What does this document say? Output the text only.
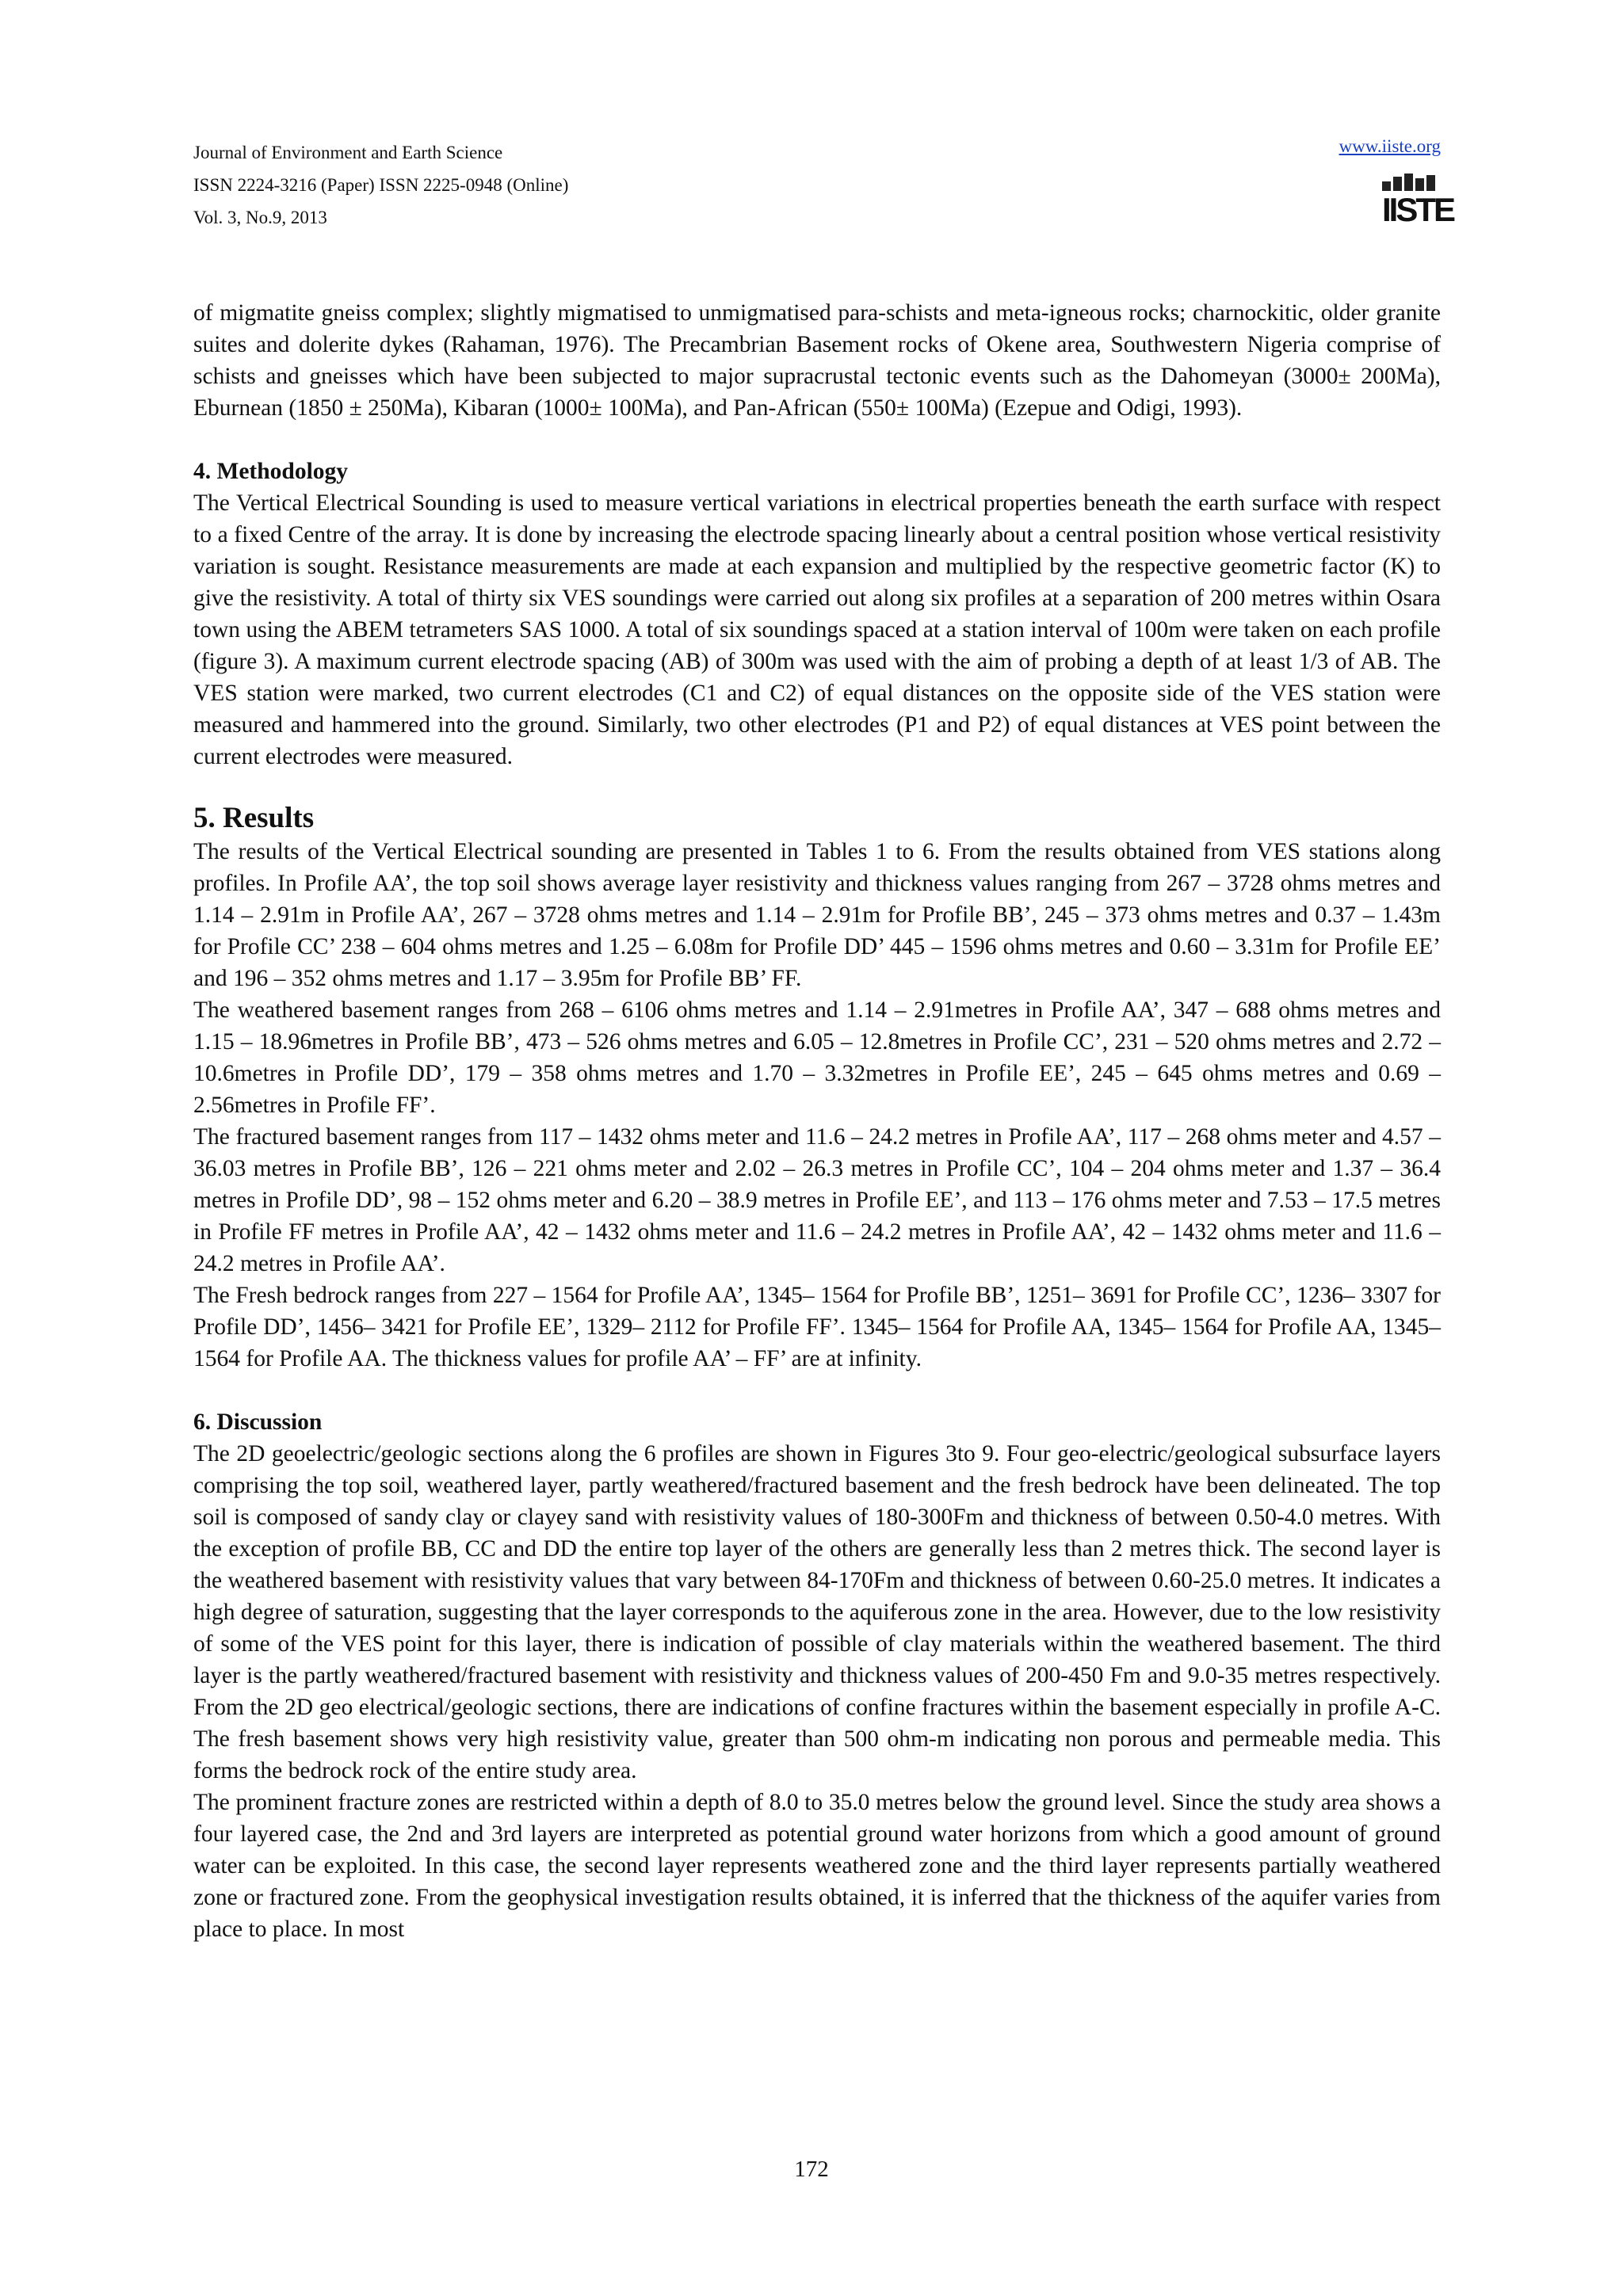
Journal of Environment and Earth Science
ISSN 2224-3216 (Paper) ISSN 2225-0948 (Online)
Vol. 3, No.9, 2013
www.iiste.org
IISTE

of migmatite gneiss complex; slightly migmatised to unmigmatised para-schists and meta-igneous rocks; charnockitic, older granite suites and dolerite dykes (Rahaman, 1976). The Precambrian Basement rocks of Okene area, Southwestern Nigeria comprise of schists and gneisses which have been subjected to major supracrustal tectonic events such as the Dahomeyan (3000± 200Ma), Eburnean (1850 ± 250Ma), Kibaran (1000± 100Ma), and Pan-African (550± 100Ma) (Ezepue and Odigi, 1993).

4. Methodology

The Vertical Electrical Sounding is used to measure vertical variations in electrical properties beneath the earth surface with respect to a fixed Centre of the array. It is done by increasing the electrode spacing linearly about a central position whose vertical resistivity variation is sought. Resistance measurements are made at each expansion and multiplied by the respective geometric factor (K) to give the resistivity. A total of thirty six VES soundings were carried out along six profiles at a separation of 200 metres within Osara town using the ABEM tetrameters SAS 1000. A total of six soundings spaced at a station interval of 100m were taken on each profile (figure 3). A maximum current electrode spacing (AB) of 300m was used with the aim of probing a depth of at least 1/3 of AB. The VES station were marked, two current electrodes (C1 and C2) of equal distances on the opposite side of the VES station were measured and hammered into the ground. Similarly, two other electrodes (P1 and P2) of equal distances at VES point between the current electrodes were measured.

5. Results

The results of the Vertical Electrical sounding are presented in Tables 1 to 6. From the results obtained from VES stations along profiles. In Profile AA’, the top soil shows average layer resistivity and thickness values ranging from 267 – 3728 ohms metres and 1.14 – 2.91m in Profile AA’, 267 – 3728 ohms metres and 1.14 – 2.91m for Profile BB’, 245 – 373 ohms metres and 0.37 – 1.43m for Profile CC’ 238 – 604 ohms metres and 1.25 – 6.08m for Profile DD’ 445 – 1596 ohms metres and 0.60 – 3.31m for Profile EE’ and 196 – 352 ohms metres and 1.17 – 3.95m for Profile BB’ FF.

The weathered basement ranges from 268 – 6106 ohms metres and 1.14 – 2.91metres in Profile AA’, 347 – 688 ohms metres and 1.15 – 18.96metres in Profile BB’, 473 – 526 ohms metres and 6.05 – 12.8metres in Profile CC’, 231 – 520 ohms metres and 2.72 – 10.6metres in Profile DD’, 179 – 358 ohms metres and 1.70 – 3.32metres in Profile EE’, 245 – 645 ohms metres and 0.69 – 2.56metres in Profile FF’.

The fractured basement ranges from 117 – 1432 ohms meter and 11.6 – 24.2 metres in Profile AA’, 117 – 268 ohms meter and 4.57 – 36.03 metres in Profile BB’, 126 – 221 ohms meter and 2.02 – 26.3 metres in Profile CC’, 104 – 204 ohms meter and 1.37 – 36.4 metres in Profile DD’, 98 – 152 ohms meter and 6.20 – 38.9 metres in Profile EE’, and 113 – 176 ohms meter and 7.53 – 17.5 metres in Profile FF metres in Profile AA’, 42 – 1432 ohms meter and 11.6 – 24.2 metres in Profile AA’, 42 – 1432 ohms meter and 11.6 – 24.2 metres in Profile AA’.

The Fresh bedrock ranges from 227 – 1564 for Profile AA’, 1345– 1564 for Profile BB’, 1251– 3691 for Profile CC’, 1236– 3307 for Profile DD’, 1456– 3421 for Profile EE’, 1329– 2112 for Profile FF’. 1345– 1564 for Profile AA, 1345– 1564 for Profile AA, 1345– 1564 for Profile AA. The thickness values for profile AA’ – FF’ are at infinity.

6. Discussion

The 2D geoelectric/geologic sections along the 6 profiles are shown in Figures 3to 9. Four geo-electric/geological subsurface layers comprising the top soil, weathered layer, partly weathered/fractured basement and the fresh bedrock have been delineated. The top soil is composed of sandy clay or clayey sand with resistivity values of 180-300Fm and thickness of between 0.50-4.0 metres. With the exception of profile BB, CC and DD the entire top layer of the others are generally less than 2 metres thick. The second layer is the weathered basement with resistivity values that vary between 84-170Fm and thickness of between 0.60-25.0 metres. It indicates a high degree of saturation, suggesting that the layer corresponds to the aquiferous zone in the area. However, due to the low resistivity of some of the VES point for this layer, there is indication of possible of clay materials within the weathered basement. The third layer is the partly weathered/fractured basement with resistivity and thickness values of 200-450 Fm and 9.0-35 metres respectively. From the 2D geo electrical/geologic sections, there are indications of confine fractures within the basement especially in profile A-C. The fresh basement shows very high resistivity value, greater than 500 ohm-m indicating non porous and permeable media. This forms the bedrock rock of the entire study area.

The prominent fracture zones are restricted within a depth of 8.0 to 35.0 metres below the ground level. Since the study area shows a four layered case, the 2nd and 3rd layers are interpreted as potential ground water horizons from which a good amount of ground water can be exploited. In this case, the second layer represents weathered zone and the third layer represents partially weathered zone or fractured zone. From the geophysical investigation results obtained, it is inferred that the thickness of the aquifer varies from place to place. In most

172
